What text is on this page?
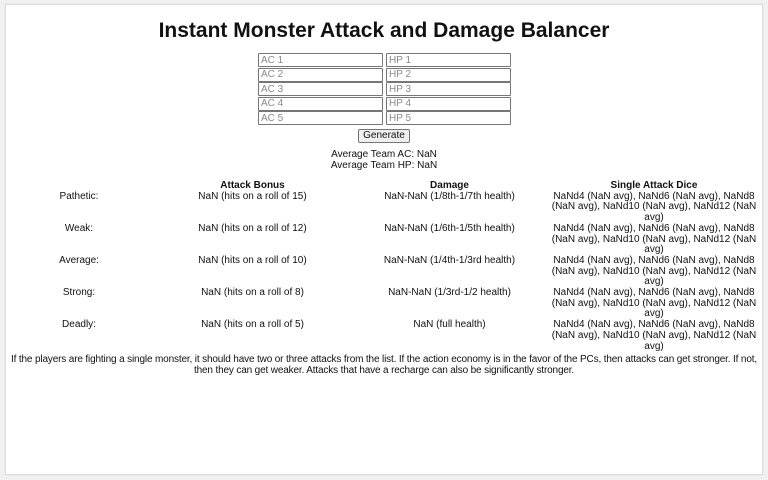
Instant Monster Attack and Damage Balancer
AC 1
HP 1
AC 2
HP 2
AC 3
HP 3
AC 4
HP 4
AC 5
HP 5
Generate
Average Team AC: NaN
Average Team HP: NaN
	Attack Bonus	Damage	Single Attack Dice
Pathetic:	NaN (hits on a roll of 15)	NaN-NaN (1/8th-1/7th health)	NaNd4 (NaN avg), NaNd6 (NaN avg), NaNd8 (NaN avg), NaNd10 (NaN avg), NaNd12 (NaN avg)
Weak:	NaN (hits on a roll of 12)	NaN-NaN (1/6th-1/5th health)	NaNd4 (NaN avg), NaNd6 (NaN avg), NaNd8 (NaN avg), NaNd10 (NaN avg), NaNd12 (NaN avg)
Average:	NaN (hits on a roll of 10)	NaN-NaN (1/4th-1/3rd health)	NaNd4 (NaN avg), NaNd6 (NaN avg), NaNd8 (NaN avg), NaNd10 (NaN avg), NaNd12 (NaN avg)
Strong:	NaN (hits on a roll of 8)	NaN-NaN (1/3rd-1/2 health)	NaNd4 (NaN avg), NaNd6 (NaN avg), NaNd8 (NaN avg), NaNd10 (NaN avg), NaNd12 (NaN avg)
Deadly:	NaN (hits on a roll of 5)	NaN (full health)	NaNd4 (NaN avg), NaNd6 (NaN avg), NaNd8 (NaN avg), NaNd10 (NaN avg), NaNd12 (NaN avg)
If the players are fighting a single monster, it should have two or three attacks from the list. If the action economy is in the favor of the PCs, then attacks can get stronger. If not, then they can get weaker. Attacks that have a recharge can also be significantly stronger.
